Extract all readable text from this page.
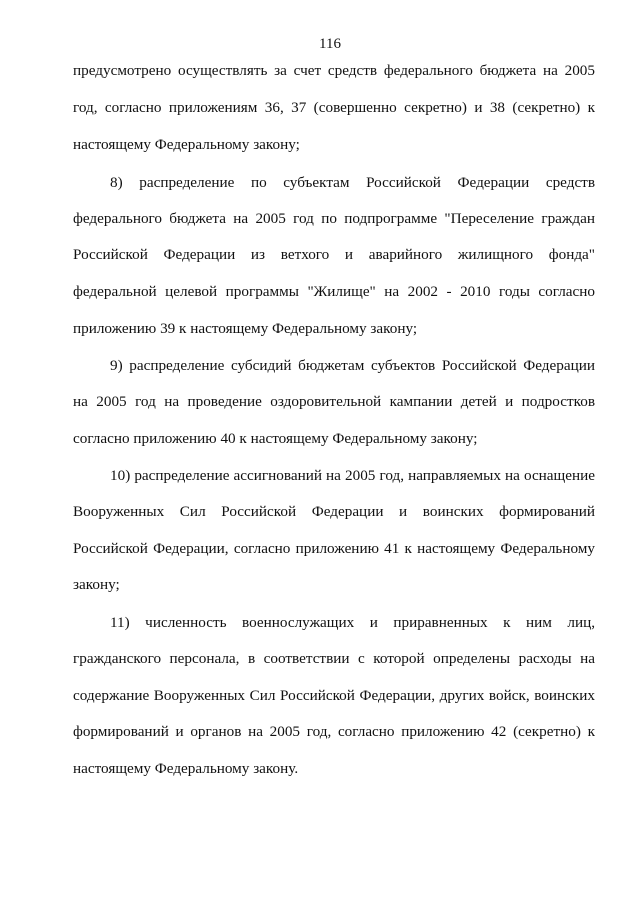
116
предусмотрено осуществлять за счет средств федерального бюджета на 2005
год, согласно приложениям 36, 37 (совершенно секретно) и 38 (секретно) к
настоящему Федеральному закону;
8) распределение по субъектам Российской Федерации средств
федерального бюджета на 2005 год по подпрограмме "Переселение граждан
Российской Федерации из ветхого и аварийного жилищного фонда"
федеральной целевой программы "Жилище" на 2002 - 2010 годы согласно
приложению 39 к настоящему Федеральному закону;
9) распределение субсидий бюджетам субъектов Российской Федерации
на 2005 год на проведение оздоровительной кампании детей и подростков
согласно приложению 40 к настоящему Федеральному закону;
10) распределение ассигнований на 2005 год, направляемых на оснащение
Вооруженных Сил Российской Федерации и воинских формирований
Российской Федерации, согласно приложению 41 к настоящему Федеральному
закону;
11) численность военнослужащих и приравненных к ним лиц,
гражданского персонала, в соответствии с которой определены расходы на
содержание Вооруженных Сил Российской Федерации, других войск, воинских
формирований и органов на 2005 год, согласно приложению 42 (секретно) к
настоящему Федеральному закону.
